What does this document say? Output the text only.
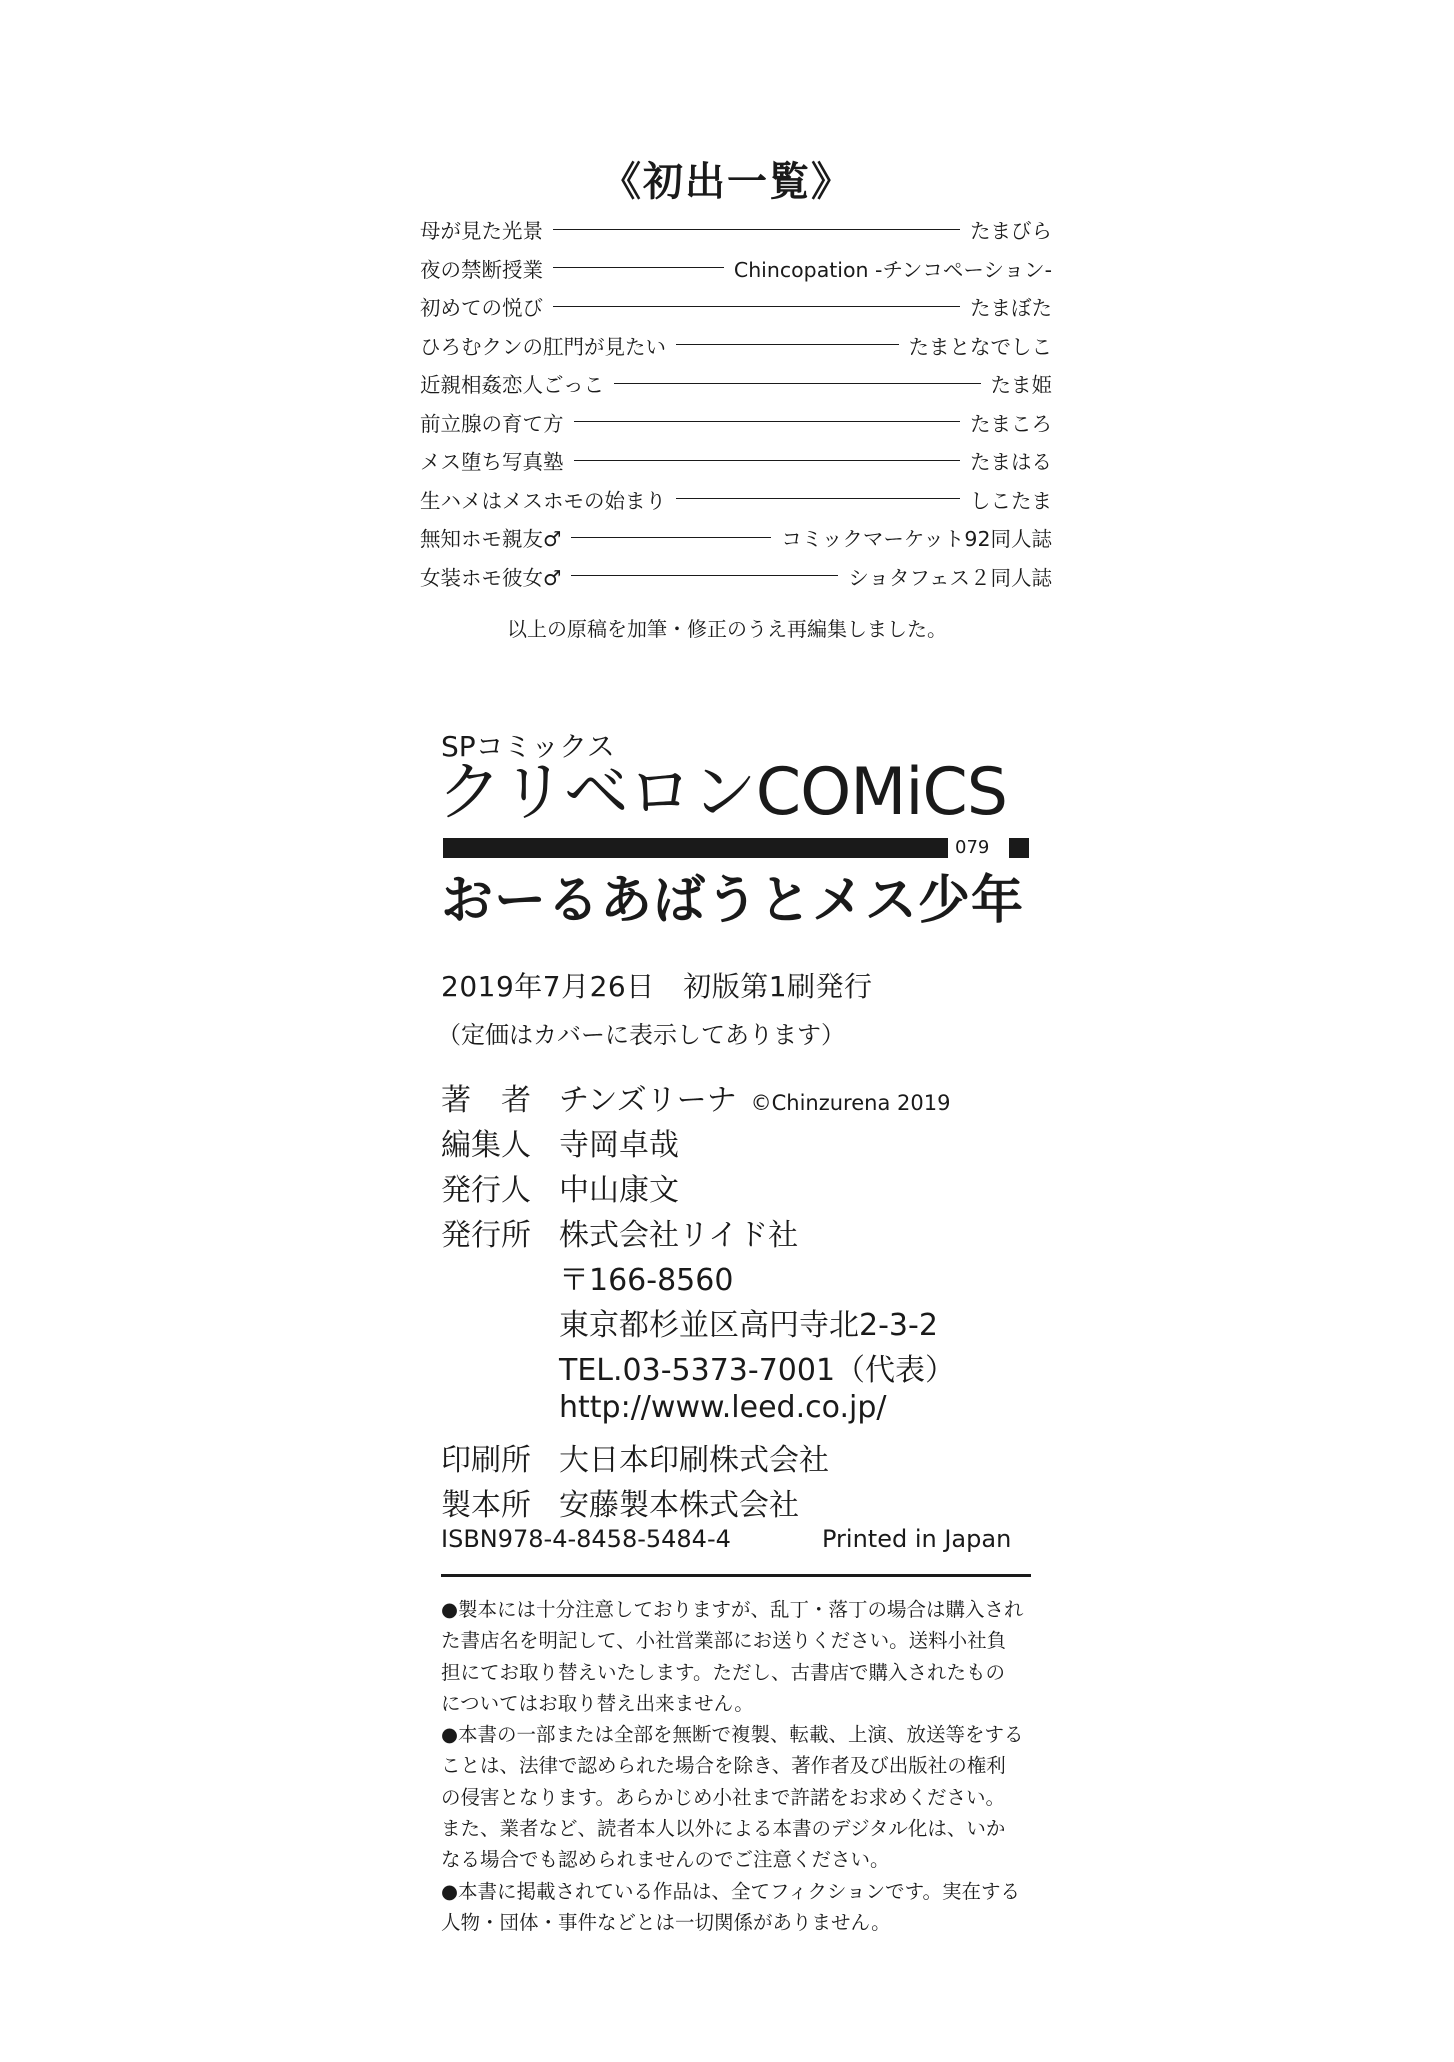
《初出一覧》
母が見た光景	たまびら
夜の禁断授業	Chincopation -チンコペーション-
初めての悦び	たまぼた
ひろむクンの肛門が見たい	たまとなでしこ
近親相姦恋人ごっこ	たま姫
前立腺の育て方	たまころ
メス堕ち写真塾	たまはる
生ハメはメスホモの始まり	しこたま
無知ホモ親友♂	コミックマーケット92同人誌
女装ホモ彼女♂	ショタフェス２同人誌
以上の原稿を加筆・修正のうえ再編集しました。
SPコミックス
クリベロンCOMiCS
079
おーるあばうとメス少年
2019年7月26日　初版第1刷発行
（定価はカバーに表示してあります）
著　者 チンズリーナ ©Chinzurena 2019
編集人 寺岡卓哉
発行人 中山康文
発行所 株式会社リイド社
〒166-8560
東京都杉並区高円寺北2-3-2
TEL.03-5373-7001（代表）
http://www.leed.co.jp/
印刷所 大日本印刷株式会社
製本所 安藤製本株式会社
ISBN978-4-8458-5484-4	Printed in Japan
●製本には十分注意しておりますが、乱丁・落丁の場合は購入され
た書店名を明記して、小社営業部にお送りください。送料小社負
担にてお取り替えいたします。ただし、古書店で購入されたもの
についてはお取り替え出来ません。
●本書の一部または全部を無断で複製、転載、上演、放送等をする
ことは、法律で認められた場合を除き、著作者及び出版社の権利
の侵害となります。あらかじめ小社まで許諾をお求めください。
また、業者など、読者本人以外による本書のデジタル化は、いか
なる場合でも認められませんのでご注意ください。
●本書に掲載されている作品は、全てフィクションです。実在する
人物・団体・事件などとは一切関係がありません。
